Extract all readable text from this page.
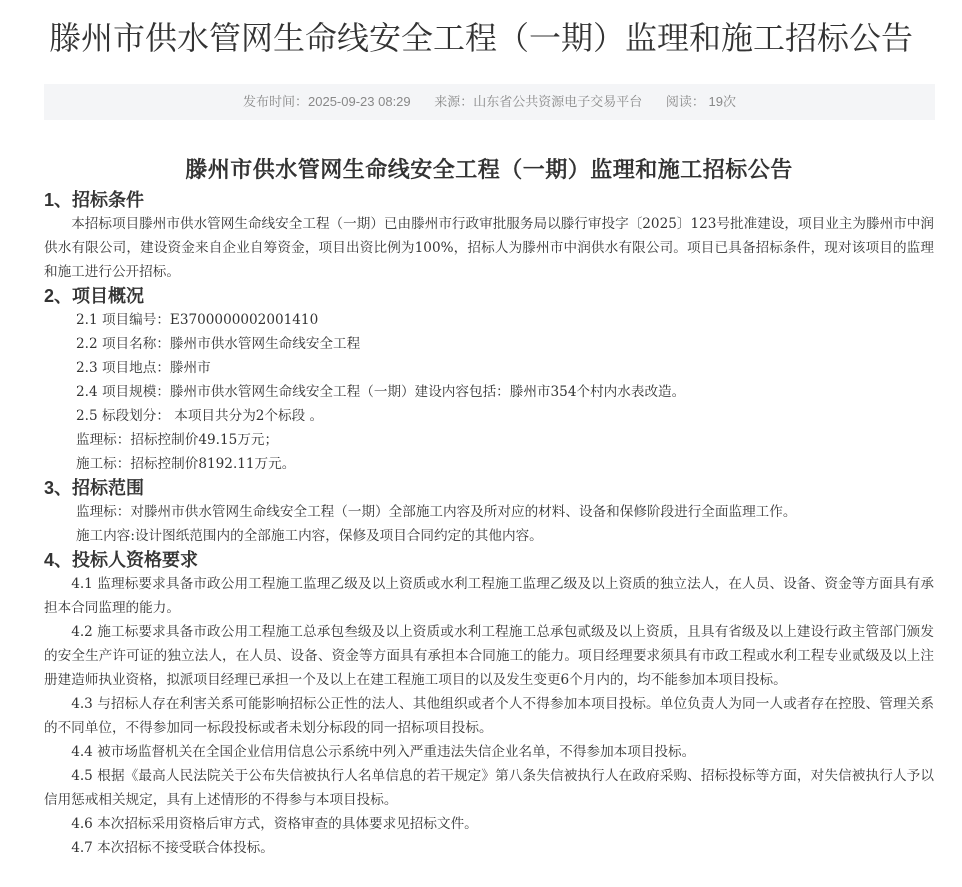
滕州市供水管网生命线安全工程（一期）监理和施工招标公告
发布时间：2025-09-23 08:29 来源：山东省公共资源电子交易平台 阅读： 19次
滕州市供水管网生命线安全工程（一期）监理和施工招标公告
1、招标条件

本招标项目滕州市供水管网生命线安全工程（一期）已由滕州市行政审批服务局以滕行审投字〔2025〕123号批准建设，项目业主为滕州市中润供水有限公司，建设资金来自企业自筹资金，项目出资比例为100%，招标人为滕州市中润供水有限公司。项目已具备招标条件，现对该项目的监理和施工进行公开招标。

2、项目概况

2.1 项目编号：E3700000002001410

2.2 项目名称：滕州市供水管网生命线安全工程

2.3 项目地点：滕州市

2.4 项目规模：滕州市供水管网生命线安全工程（一期）建设内容包括：滕州市354个村内水表改造。

2.5 标段划分： 本项目共分为2个标段 。

监理标：招标控制价49.15万元；

施工标：招标控制价8192.11万元。

3、招标范围

监理标：对滕州市供水管网生命线安全工程（一期）全部施工内容及所对应的材料、设备和保修阶段进行全面监理工作。

施工内容:设计图纸范围内的全部施工内容，保修及项目合同约定的其他内容。

4、投标人资格要求

4.1 监理标要求具备市政公用工程施工监理乙级及以上资质或水利工程施工监理乙级及以上资质的独立法人，在人员、设备、资金等方面具有承担本合同监理的能力。

4.2 施工标要求具备市政公用工程施工总承包叁级及以上资质或水利工程施工总承包贰级及以上资质，且具有省级及以上建设行政主管部门颁发的安全生产许可证的独立法人，在人员、设备、资金等方面具有承担本合同施工的能力。项目经理要求须具有市政工程或水利工程专业贰级及以上注册建造师执业资格，拟派项目经理已承担一个及以上在建工程施工项目的以及发生变更6个月内的，均不能参加本项目投标。

4.3 与招标人存在利害关系可能影响招标公正性的法人、其他组织或者个人不得参加本项目投标。单位负责人为同一人或者存在控股、管理关系的不同单位，不得参加同一标段投标或者未划分标段的同一招标项目投标。

4.4 被市场监督机关在全国企业信用信息公示系统中列入严重违法失信企业名单，不得参加本项目投标。

4.5 根据《最高人民法院关于公布失信被执行人名单信息的若干规定》第八条失信被执行人在政府采购、招标投标等方面，对失信被执行人予以信用惩戒相关规定，具有上述情形的不得参与本项目投标。

4.6 本次招标采用资格后审方式，资格审查的具体要求见招标文件。

4.7 本次招标不接受联合体投标。
